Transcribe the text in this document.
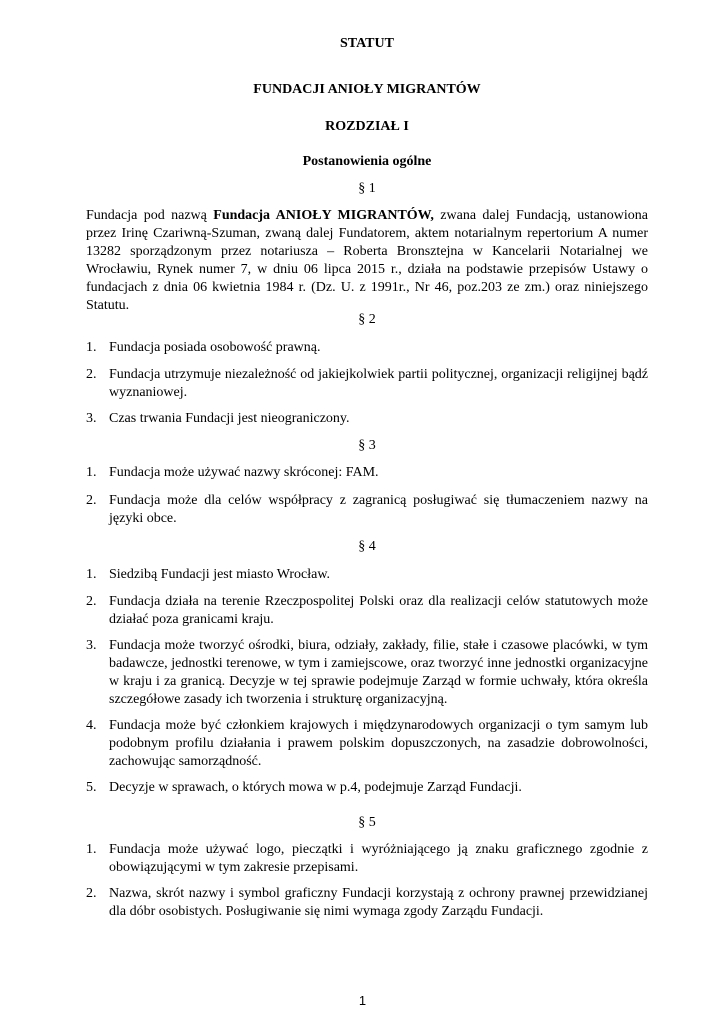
STATUT
FUNDACJI ANIOŁY MIGRANTÓW
ROZDZIAŁ I
Postanowienia ogólne
§ 1
Fundacja pod nazwą Fundacja ANIOŁY MIGRANTÓW, zwana dalej Fundacją, ustanowiona przez Irinę Czariwną-Szuman, zwaną dalej Fundatorem, aktem notarialnym repertorium A numer 13282 sporządzonym przez notariusza – Roberta Bronsztejna w Kancelarii Notarialnej we Wrocławiu, Rynek numer 7, w dniu 06 lipca 2015 r., działa na podstawie przepisów Ustawy o fundacjach z dnia 06 kwietnia 1984 r. (Dz. U. z 1991r., Nr 46, poz.203 ze zm.) oraz niniejszego Statutu.
§ 2
1. Fundacja posiada osobowość prawną.
2. Fundacja utrzymuje niezależność od jakiejkolwiek partii politycznej, organizacji religijnej bądź wyznaniowej.
3. Czas trwania Fundacji jest nieograniczony.
§ 3
1. Fundacja może używać nazwy skróconej: FAM.
2. Fundacja może dla celów współpracy z zagranicą posługiwać się tłumaczeniem nazwy na języki obce.
§ 4
1. Siedzibą Fundacji jest miasto Wrocław.
2. Fundacja działa na terenie Rzeczpospolitej Polski oraz dla realizacji celów statutowych może działać poza granicami kraju.
3. Fundacja może tworzyć ośrodki, biura, odziały, zakłady, filie, stałe i czasowe placówki, w tym badawcze, jednostki terenowe, w tym i zamiejscowe, oraz tworzyć inne jednostki organizacyjne w kraju i za granicą. Decyzje w tej sprawie podejmuje Zarząd w formie uchwały, która określa szczegółowe zasady ich tworzenia i strukturę organizacyjną.
4. Fundacja może być członkiem krajowych i międzynarodowych organizacji o tym samym lub podobnym profilu działania i prawem polskim dopuszczonych, na zasadzie dobrowolności, zachowując samorządność.
5. Decyzje w sprawach, o których mowa w p.4, podejmuje Zarząd Fundacji.
§ 5
1. Fundacja może używać logo, pieczątki i wyróżniającego ją znaku graficznego zgodnie z obowiązującymi w tym zakresie przepisami.
2. Nazwa, skrót nazwy i symbol graficzny Fundacji korzystają z ochrony prawnej przewidzianej dla dóbr osobistych. Posługiwanie się nimi wymaga zgody Zarządu Fundacji.
1
